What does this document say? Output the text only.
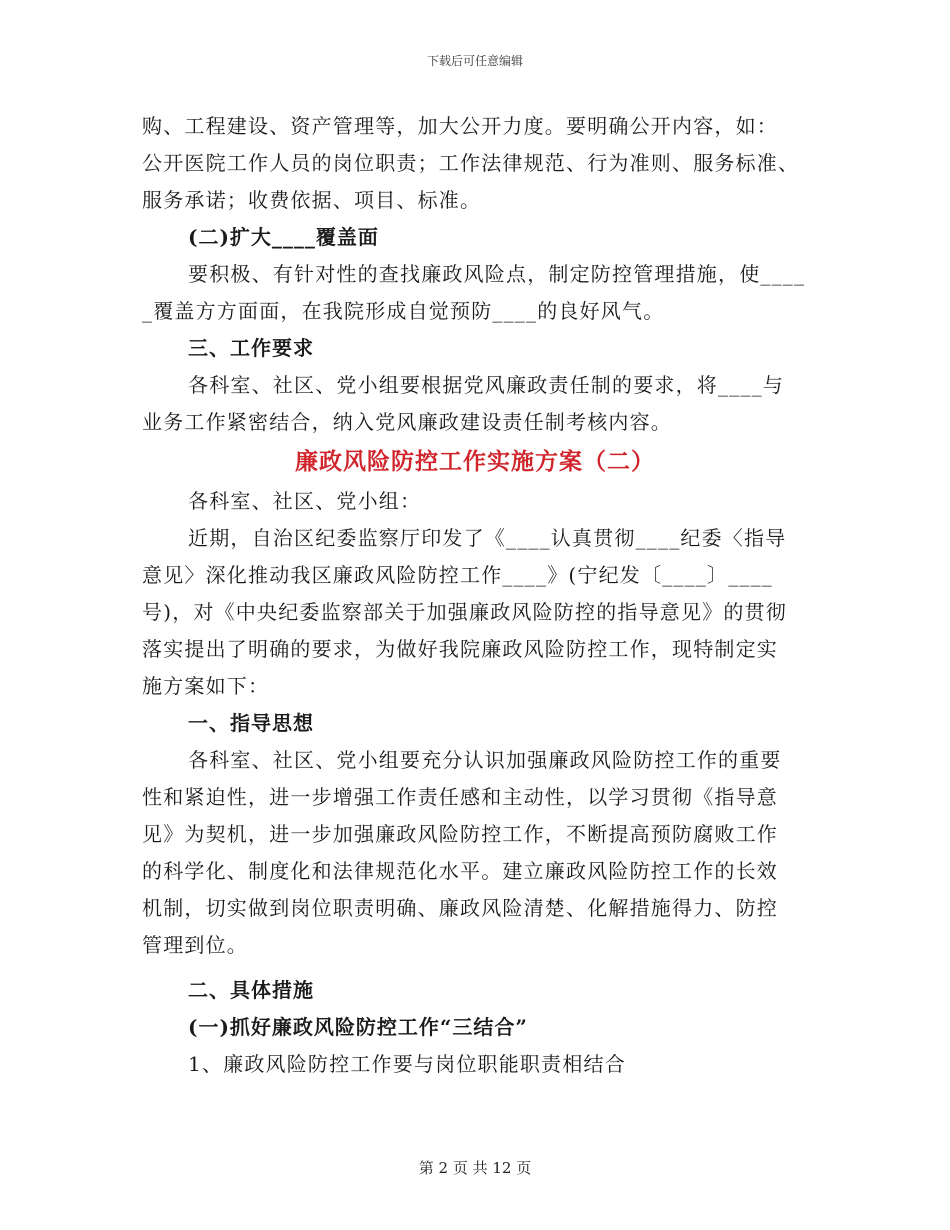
下载后可任意编辑
购、工程建设、资产管理等，加大公开力度。要明确公开内容，如：
公开医院工作人员的岗位职责；工作法律规范、行为准则、服务标准、
服务承诺；收费依据、项目、标准。
(二)扩大____覆盖面
要积极、有针对性的查找廉政风险点，制定防控管理措施，使____
_覆盖方方面面，在我院形成自觉预防____的良好风气。
三、工作要求
各科室、社区、党小组要根据党风廉政责任制的要求，将____与
业务工作紧密结合，纳入党风廉政建设责任制考核内容。
廉政风险防控工作实施方案（二）
各科室、社区、党小组：
近期，自治区纪委监察厅印发了《____认真贯彻____纪委〈指导
意见〉深化推动我区廉政风险防控工作____》(宁纪发〔____〕____
号)，对《中央纪委监察部关于加强廉政风险防控的指导意见》的贯彻
落实提出了明确的要求，为做好我院廉政风险防控工作，现特制定实
施方案如下：
一、指导思想
各科室、社区、党小组要充分认识加强廉政风险防控工作的重要
性和紧迫性，进一步增强工作责任感和主动性，以学习贯彻《指导意
见》为契机，进一步加强廉政风险防控工作，不断提高预防腐败工作
的科学化、制度化和法律规范化水平。建立廉政风险防控工作的长效
机制，切实做到岗位职责明确、廉政风险清楚、化解措施得力、防控
管理到位。
二、具体措施
(一)抓好廉政风险防控工作“三结合”
1、廉政风险防控工作要与岗位职能职责相结合
第 2 页 共 12 页
